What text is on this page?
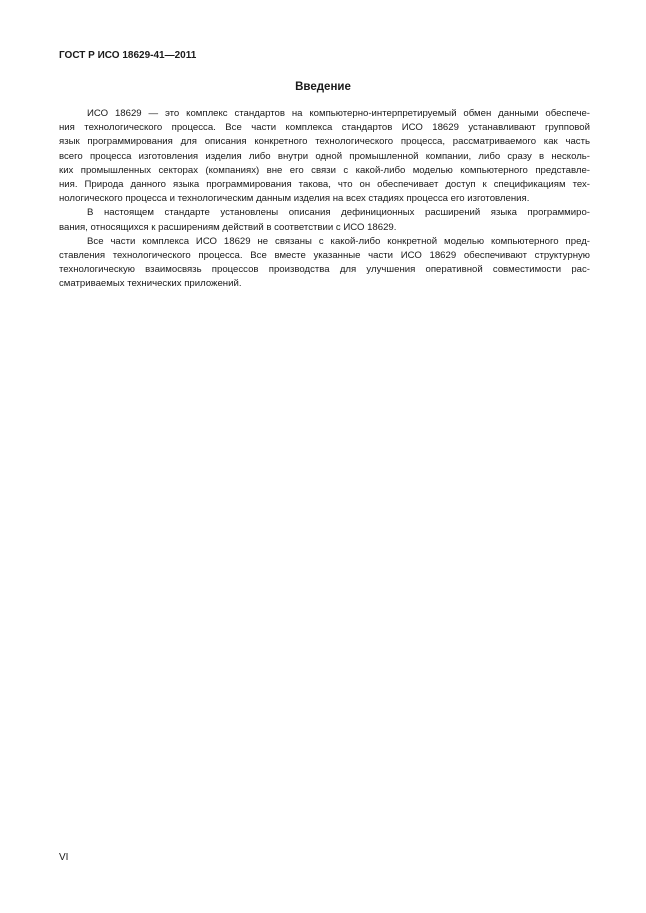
ГОСТ Р ИСО 18629-41—2011
Введение
ИСО 18629 — это комплекс стандартов на компьютерно-интерпретируемый обмен данными обеспече-
ния технологического процесса. Все части комплекса стандартов ИСО 18629 устанавливают групповой
язык программирования для описания конкретного технологического процесса, рассматриваемого как часть
всего процесса изготовления изделия либо внутри одной промышленной компании, либо сразу в несколь-
ких промышленных секторах (компаниях) вне его связи с какой-либо моделью компьютерного представле-
ния. Природа данного языка программирования такова, что он обеспечивает доступ к спецификациям тех-
нологического процесса и технологическим данным изделия на всех стадиях процесса его изготовления.
В настоящем стандарте установлены описания дефиниционных расширений языка программиро-
вания, относящихся к расширениям действий в соответствии с ИСО 18629.
Все части комплекса ИСО 18629 не связаны с какой-либо конкретной моделью компьютерного пред-
ставления технологического процесса. Все вместе указанные части ИСО 18629 обеспечивают структурную
технологическую взаимосвязь процессов производства для улучшения оперативной совместимости рас-
сматриваемых технических приложений.
VI
